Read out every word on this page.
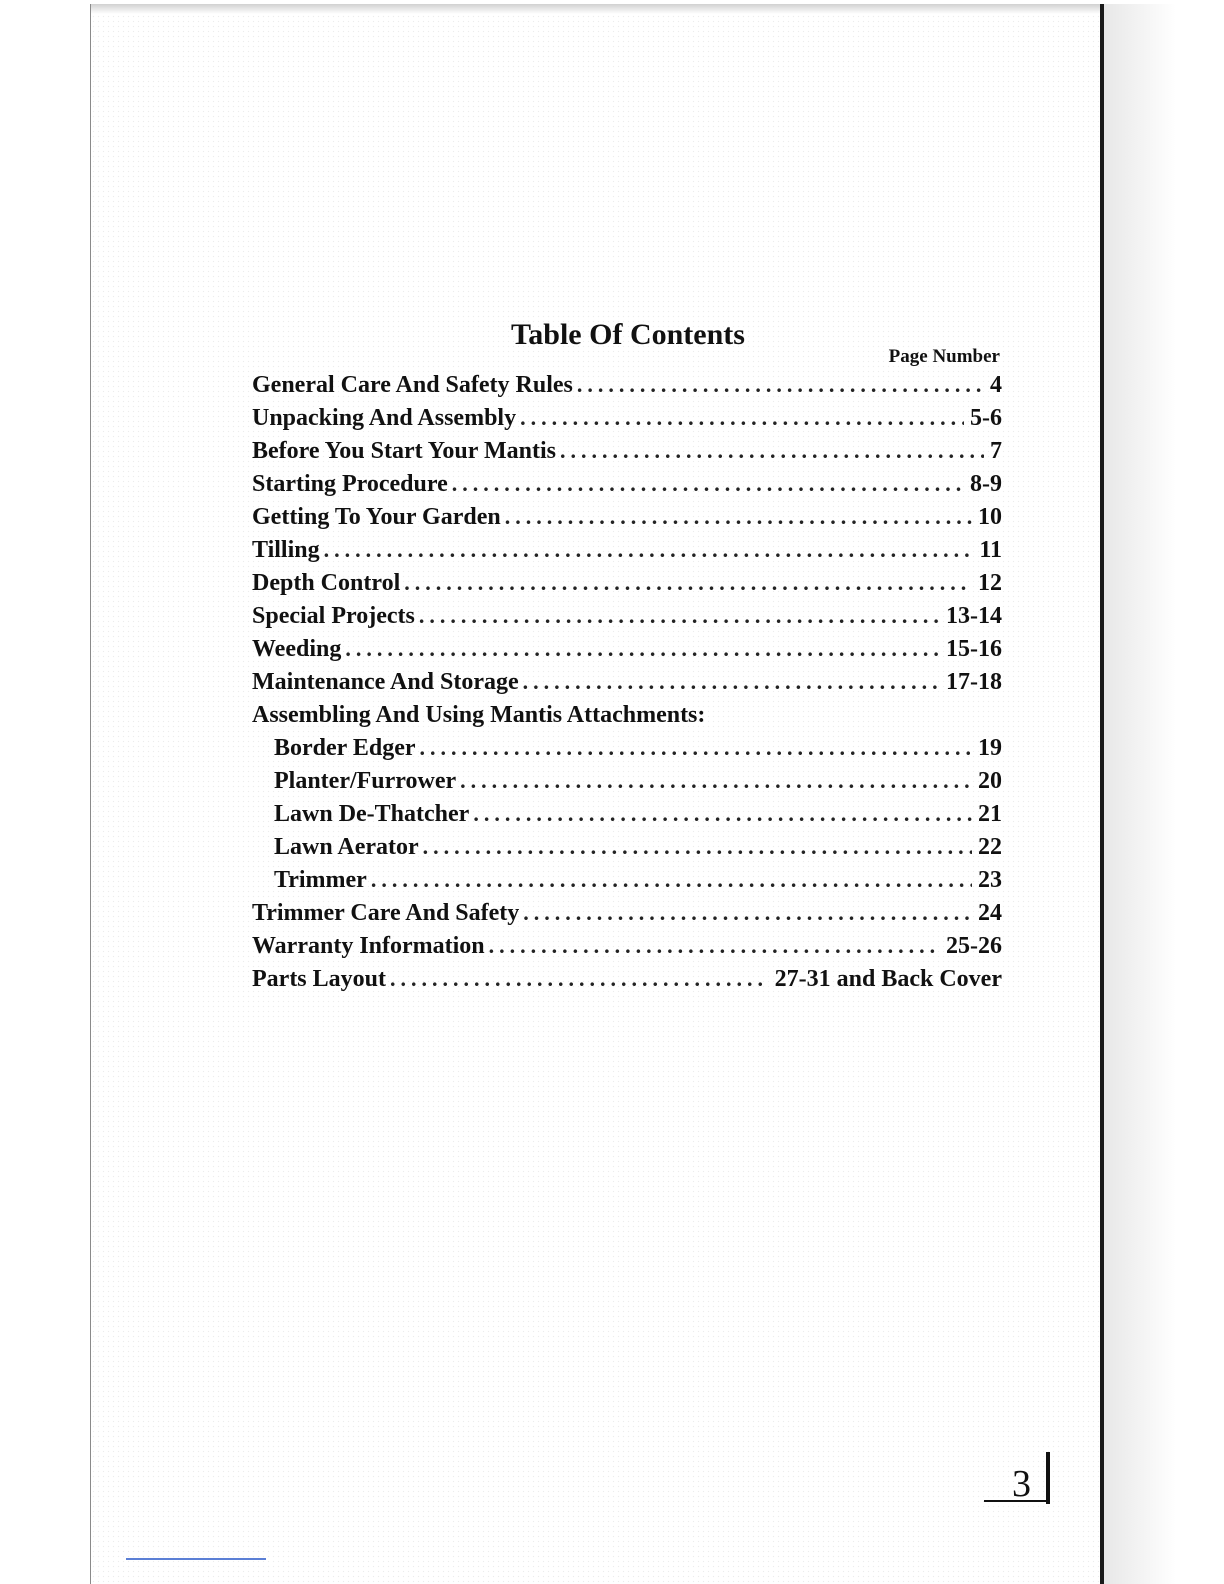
Table Of Contents
Page Number
General Care And Safety Rules .....	4
Unpacking And Assembly .....	5-6
Before You Start Your Mantis .....	7
Starting Procedure .....	8-9
Getting To Your Garden .....	10
Tilling .....	11
Depth Control .....	12
Special Projects .....	13-14
Weeding .....	15-16
Maintenance And Storage .....	17-18
Assembling And Using Mantis Attachments:
Border Edger .....	19
Planter/Furrower .....	20
Lawn De-Thatcher .....	21
Lawn Aerator .....	22
Trimmer .....	23
Trimmer Care And Safety .....	24
Warranty Information .....	25-26
Parts Layout .....	27-31 and Back Cover
3
